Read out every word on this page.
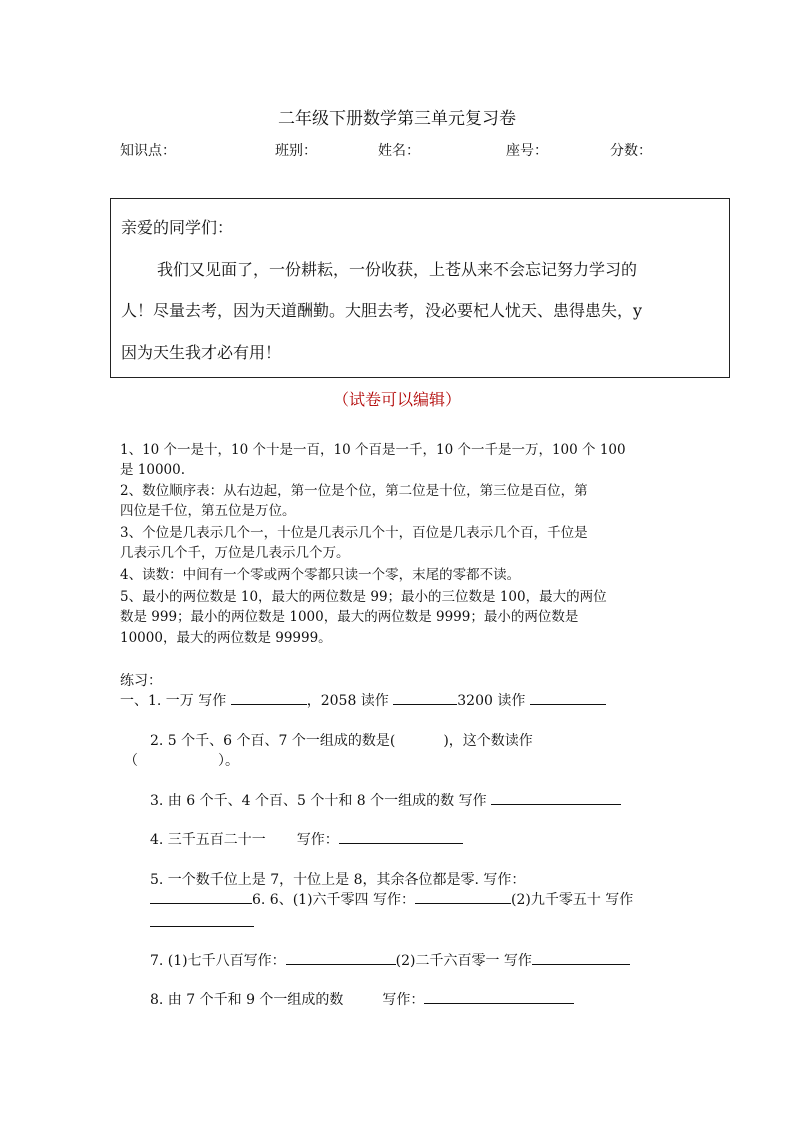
二年级下册数学第三单元复习卷
知识点：	班别：	姓名：	座号：	分数：
亲爱的同学们：
我们又见面了，一份耕耘，一份收获，上苍从来不会忘记努力学习的
人！尽量去考，因为天道酬勤。大胆去考，没必要杞人忧天、患得患失，y
因为天生我才必有用！
（试卷可以编辑）
1、10 个一是十，10 个十是一百，10 个百是一千，10 个一千是一万，100 个 100
是 10000.
2、数位顺序表：从右边起，第一位是个位，第二位是十位，第三位是百位，第
四位是千位，第五位是万位。
3、个位是几表示几个一，十位是几表示几个十，百位是几表示几个百，千位是
几表示几个千，万位是几表示几个万。
4、读数：中间有一个零或两个零都只读一个零，末尾的零都不读。
5、最小的两位数是 10，最大的两位数是 99；最小的三位数是 100，最大的两位
数是 999；最小的两位数是 1000，最大的两位数是 9999；最小的两位数是
10000，最大的两位数是 99999。
练习：
一、1. 一万 写作	，2058 读作	3200 读作
2. 5 个千、6 个百、7 个一组成的数是(	)，这个数读作
（	）。
3. 由 6 个千、4 个百、5 个十和 8 个一组成的数 写作
4. 三千五百二十一 写作：
5. 一个数千位上是 7，十位上是 8，其余各位都是零. 写作：
6. 6、(1)六千零四 写作：	(2)九千零五十 写作
7. (1)七千八百写作：	(2)二千六百零一 写作
8. 由 7 个千和 9 个一组成的数	写作：
